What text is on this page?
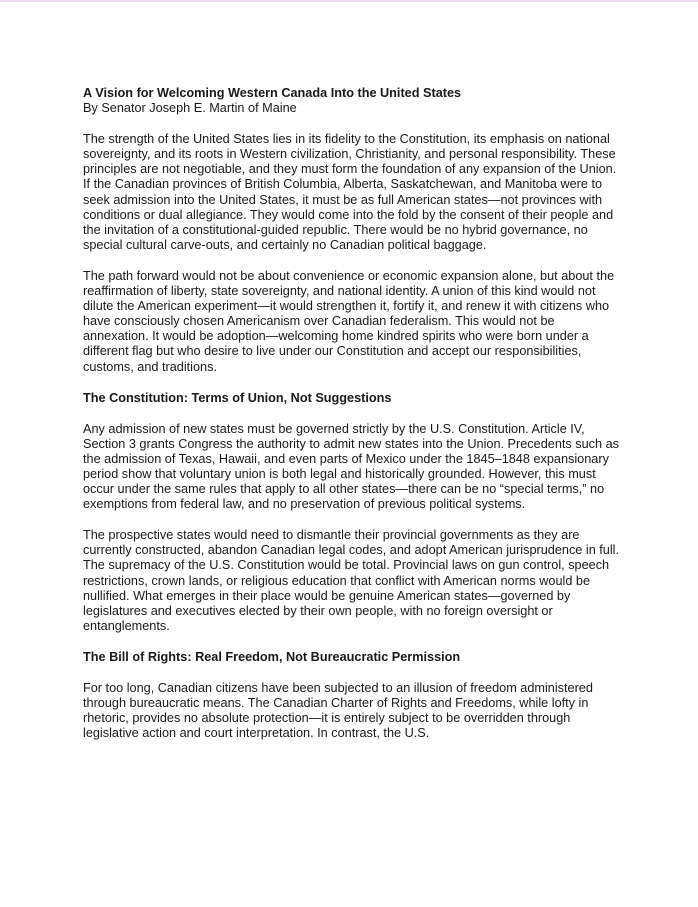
A Vision for Welcoming Western Canada Into the United States
By Senator Joseph E. Martin of Maine

The strength of the United States lies in its fidelity to the Constitution, its emphasis on national sovereignty, and its roots in Western civilization, Christianity, and personal responsibility. These principles are not negotiable, and they must form the foundation of any expansion of the Union. If the Canadian provinces of British Columbia, Alberta, Saskatchewan, and Manitoba were to seek admission into the United States, it must be as full American states—not provinces with conditions or dual allegiance. They would come into the fold by the consent of their people and the invitation of a constitutional-guided republic. There would be no hybrid governance, no special cultural carve-outs, and certainly no Canadian political baggage.

The path forward would not be about convenience or economic expansion alone, but about the reaffirmation of liberty, state sovereignty, and national identity. A union of this kind would not dilute the American experiment—it would strengthen it, fortify it, and renew it with citizens who have consciously chosen Americanism over Canadian federalism. This would not be annexation. It would be adoption—welcoming home kindred spirits who were born under a different flag but who desire to live under our Constitution and accept our responsibilities, customs, and traditions.

The Constitution: Terms of Union, Not Suggestions

Any admission of new states must be governed strictly by the U.S. Constitution. Article IV, Section 3 grants Congress the authority to admit new states into the Union. Precedents such as the admission of Texas, Hawaii, and even parts of Mexico under the 1845–1848 expansionary period show that voluntary union is both legal and historically grounded. However, this must occur under the same rules that apply to all other states—there can be no “special terms,” no exemptions from federal law, and no preservation of previous political systems.

The prospective states would need to dismantle their provincial governments as they are currently constructed, abandon Canadian legal codes, and adopt American jurisprudence in full. The supremacy of the U.S. Constitution would be total. Provincial laws on gun control, speech restrictions, crown lands, or religious education that conflict with American norms would be nullified. What emerges in their place would be genuine American states—governed by legislatures and executives elected by their own people, with no foreign oversight or entanglements.

The Bill of Rights: Real Freedom, Not Bureaucratic Permission

For too long, Canadian citizens have been subjected to an illusion of freedom administered through bureaucratic means. The Canadian Charter of Rights and Freedoms, while lofty in rhetoric, provides no absolute protection—it is entirely subject to be overridden through legislative action and court interpretation. In contrast, the U.S.
